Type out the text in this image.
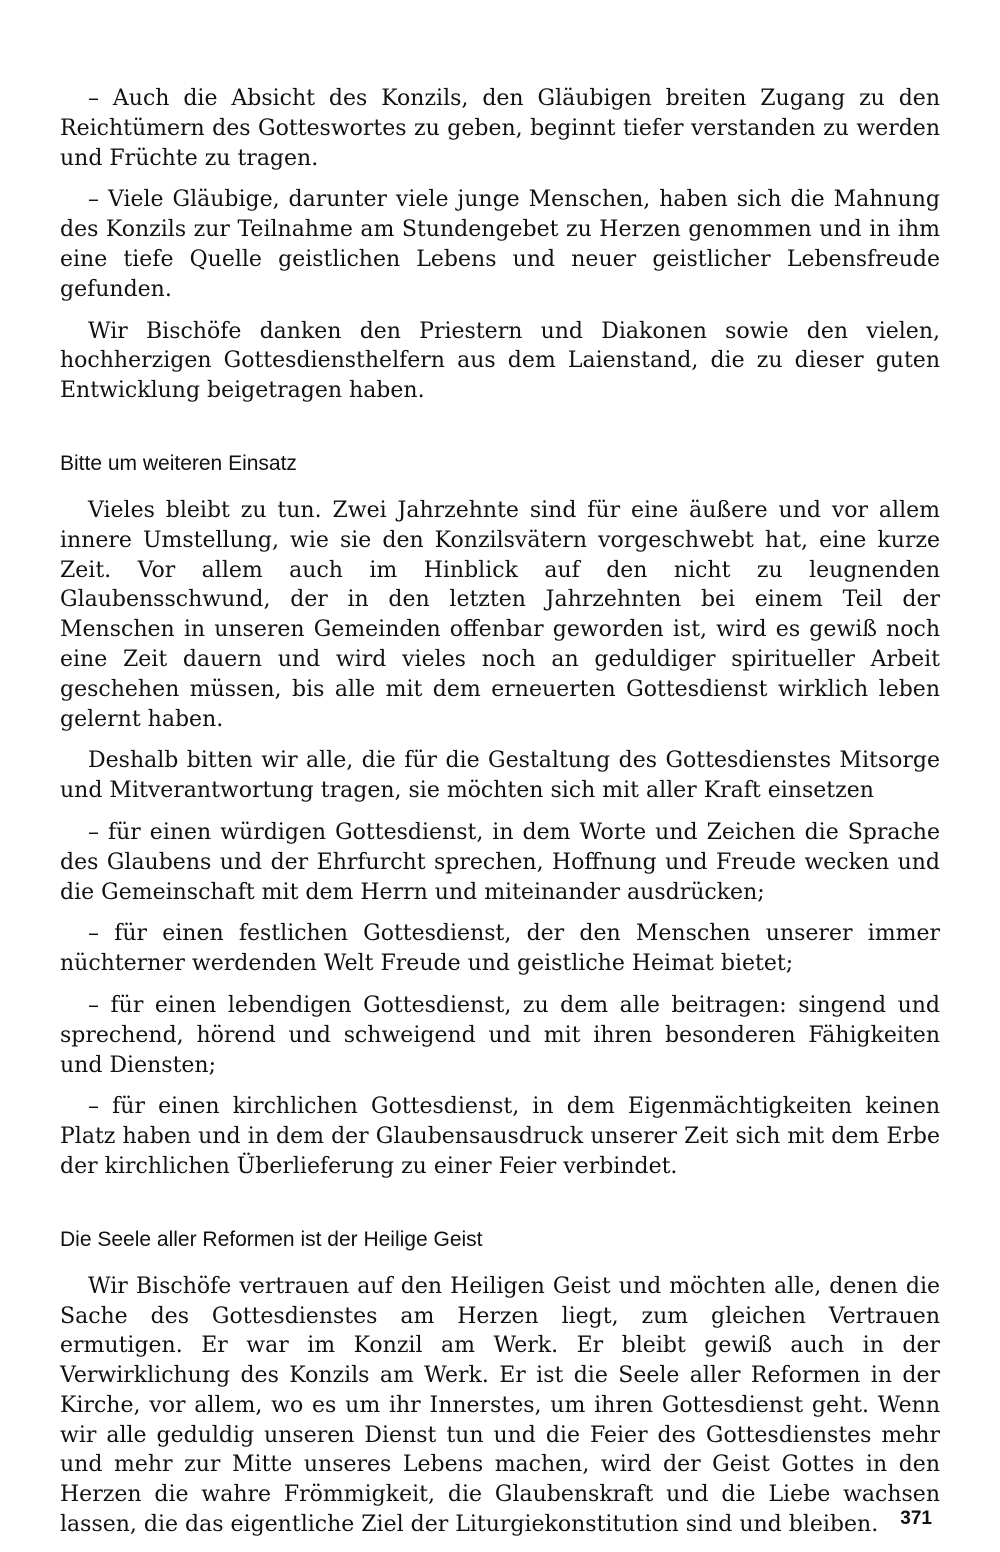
– Auch die Absicht des Konzils, den Gläubigen breiten Zugang zu den Reichtümern des Gotteswortes zu geben, beginnt tiefer verstanden zu werden und Früchte zu tragen.

– Viele Gläubige, darunter viele junge Menschen, haben sich die Mahnung des Konzils zur Teilnahme am Stundengebet zu Herzen genommen und in ihm eine tiefe Quelle geistlichen Lebens und neuer geistlicher Lebensfreude gefunden.

Wir Bischöfe danken den Priestern und Diakonen sowie den vielen, hochherzigen Gottesdiensthelfern aus dem Laienstand, die zu dieser guten Entwicklung beigetragen haben.

Bitte um weiteren Einsatz

Vieles bleibt zu tun. Zwei Jahrzehnte sind für eine äußere und vor allem innere Umstellung, wie sie den Konzilsvätern vorgeschwebt hat, eine kurze Zeit. Vor allem auch im Hinblick auf den nicht zu leugnenden Glaubensschwund, der in den letzten Jahrzehnten bei einem Teil der Menschen in unseren Gemeinden offenbar geworden ist, wird es gewiß noch eine Zeit dauern und wird vieles noch an geduldiger spiritueller Arbeit geschehen müssen, bis alle mit dem erneuerten Gottesdienst wirklich leben gelernt haben.

Deshalb bitten wir alle, die für die Gestaltung des Gottesdienstes Mitsorge und Mitverantwortung tragen, sie möchten sich mit aller Kraft einsetzen

– für einen würdigen Gottesdienst, in dem Worte und Zeichen die Sprache des Glaubens und der Ehrfurcht sprechen, Hoffnung und Freude wecken und die Gemeinschaft mit dem Herrn und miteinander ausdrücken;

– für einen festlichen Gottesdienst, der den Menschen unserer immer nüchterner werdenden Welt Freude und geistliche Heimat bietet;

– für einen lebendigen Gottesdienst, zu dem alle beitragen: singend und sprechend, hörend und schweigend und mit ihren besonderen Fähigkeiten und Diensten;

– für einen kirchlichen Gottesdienst, in dem Eigenmächtigkeiten keinen Platz haben und in dem der Glaubensausdruck unserer Zeit sich mit dem Erbe der kirchlichen Überlieferung zu einer Feier verbindet.

Die Seele aller Reformen ist der Heilige Geist

Wir Bischöfe vertrauen auf den Heiligen Geist und möchten alle, denen die Sache des Gottesdienstes am Herzen liegt, zum gleichen Vertrauen ermutigen. Er war im Konzil am Werk. Er bleibt gewiß auch in der Verwirklichung des Konzils am Werk. Er ist die Seele aller Reformen in der Kirche, vor allem, wo es um ihr Innerstes, um ihren Gottesdienst geht. Wenn wir alle geduldig unseren Dienst tun und die Feier des Gottesdienstes mehr und mehr zur Mitte unseres Lebens machen, wird der Geist Gottes in den Herzen die wahre Frömmigkeit, die Glaubenskraft und die Liebe wachsen lassen, die das eigentliche Ziel der Liturgiekonstitution sind und bleiben.	371
